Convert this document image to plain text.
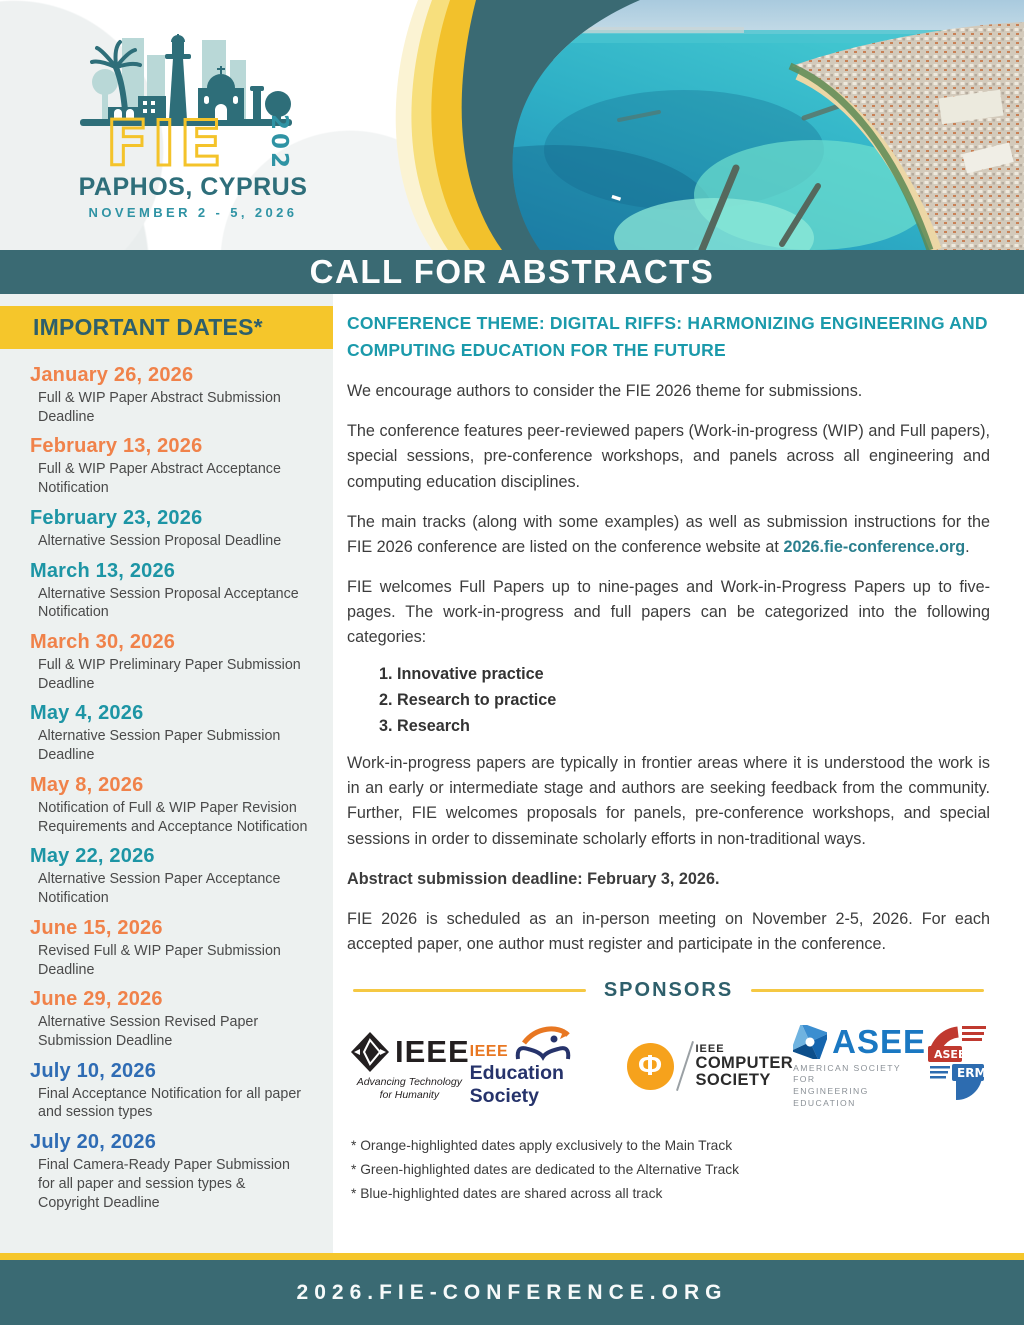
FIE 2026
PAPHOS, CYPRUS
NOVEMBER 2 - 5, 2026
CALL FOR ABSTRACTS
IMPORTANT DATES*
January 26, 2026
Full & WIP Paper Abstract Submission Deadline
February 13, 2026
Full & WIP Paper Abstract Acceptance Notification
February 23, 2026
Alternative Session Proposal Deadline
March 13, 2026
Alternative Session Proposal Acceptance Notification
March 30, 2026
Full & WIP Preliminary Paper Submission Deadline
May 4, 2026
Alternative Session Paper Submission Deadline
May 8, 2026
Notification of Full & WIP Paper Revision Requirements and Acceptance Notification
May 22, 2026
Alternative Session Paper Acceptance Notification
June 15, 2026
Revised Full & WIP Paper Submission Deadline
June 29, 2026
Alternative Session Revised Paper Submission Deadline
July 10, 2026
Final Acceptance Notification for all paper and session types
July 20, 2026
Final Camera-Ready Paper Submission for all paper and session types & Copyright Deadline
CONFERENCE THEME: DIGITAL RIFFS: HARMONIZING ENGINEERING AND COMPUTING EDUCATION FOR THE FUTURE

We encourage authors to consider the FIE 2026 theme for submissions.

The conference features peer-reviewed papers (Work-in-progress (WIP) and Full papers), special sessions, pre-conference workshops, and panels across all engineering and computing education disciplines.

The main tracks (along with some examples) as well as submission instructions for the FIE 2026 conference are listed on the conference website at 2026.fie-conference.org.

FIE welcomes Full Papers up to nine-pages and Work-in-Progress Papers up to five-pages. The work-in-progress and full papers can be categorized into the following categories:

1. Innovative practice
2. Research to practice
3. Research

Work-in-progress papers are typically in frontier areas where it is understood the work is in an early or intermediate stage and authors are seeking feedback from the community. Further, FIE welcomes proposals for panels, pre-conference workshops, and special sessions in order to disseminate scholarly efforts in non-traditional ways.

Abstract submission deadline: February 3, 2026.

FIE 2026 is scheduled as an in-person meeting on November 2-5, 2026. For each accepted paper, one author must register and participate in the conference.

SPONSORS
IEEE
Advancing Technology
for Humanity
IEEE
Education Society
Φ
IEEE
COMPUTER
SOCIETY
ASEE
AMERICAN SOCIETY FOR
ENGINEERING EDUCATION
ASEE
ERM
* Orange-highlighted dates apply exclusively to the Main Track
* Green-highlighted dates are dedicated to the Alternative Track
* Blue-highlighted dates are shared across all track
2026.FIE-CONFERENCE.ORG
